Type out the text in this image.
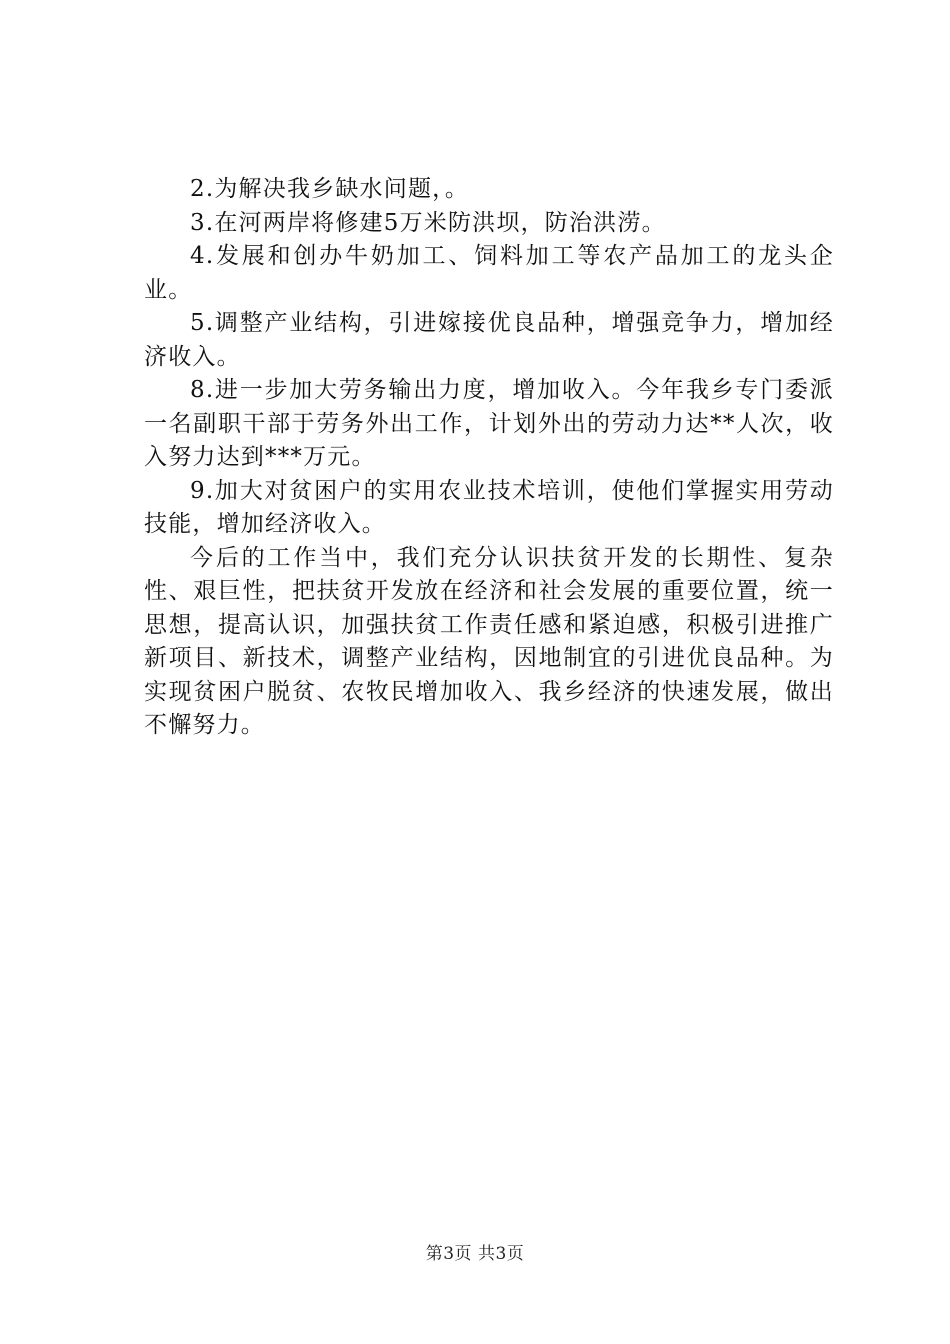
2.为解决我乡缺水问题，。

3.在河两岸将修建5万米防洪坝，防治洪涝。

4.发展和创办牛奶加工、饲料加工等农产品加工的龙头企业。

5.调整产业结构，引进嫁接优良品种，增强竞争力，增加经济收入。

8.进一步加大劳务输出力度，增加收入。今年我乡专门委派一名副职干部于劳务外出工作，计划外出的劳动力达**人次，收入努力达到***万元。

9.加大对贫困户的实用农业技术培训，使他们掌握实用劳动技能，增加经济收入。

今后的工作当中，我们充分认识扶贫开发的长期性、复杂性、艰巨性，把扶贫开发放在经济和社会发展的重要位置，统一思想，提高认识，加强扶贫工作责任感和紧迫感，积极引进推广新项目、新技术，调整产业结构，因地制宜的引进优良品种。为实现贫困户脱贫、农牧民增加收入、我乡经济的快速发展，做出不懈努力。

第3页 共3页
